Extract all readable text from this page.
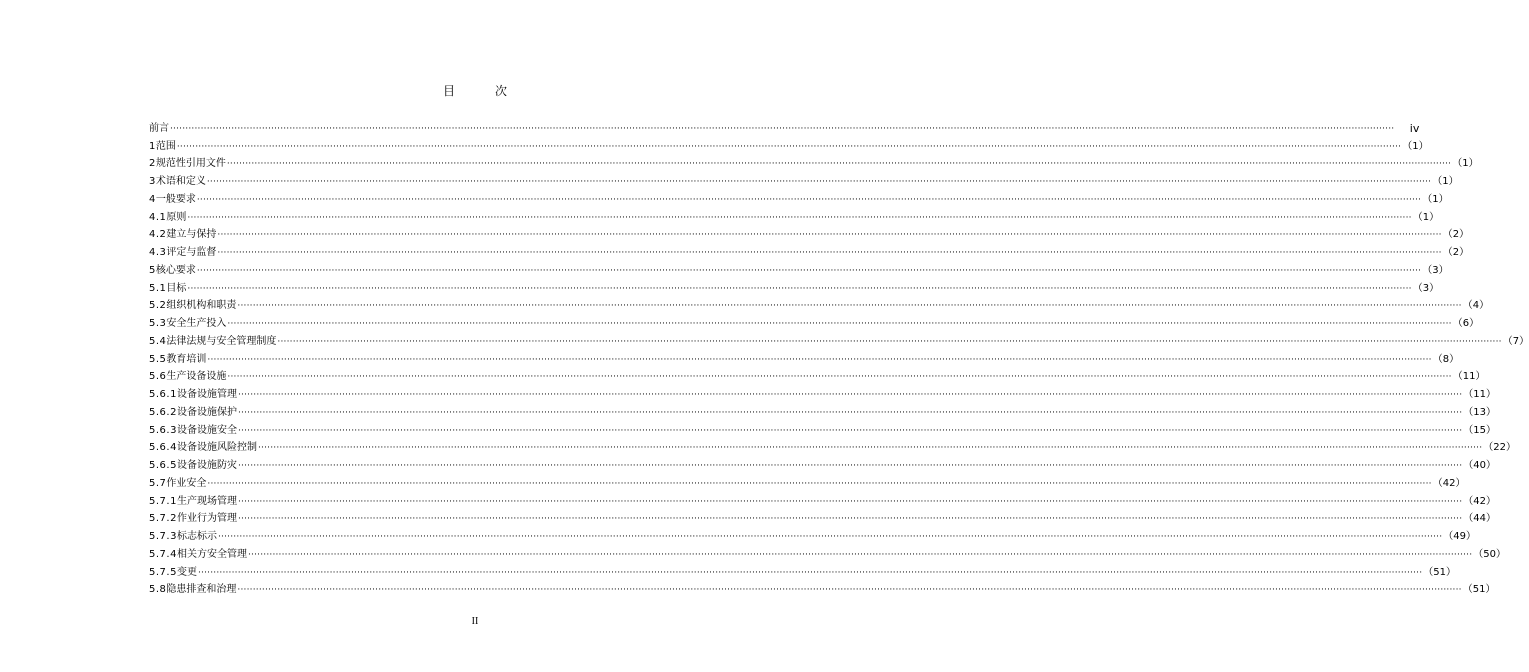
目	次
前言 ················································································································································································································································································································································································································	iv
1 范围 ················································································································································································································································································································································································································ （1）
2 规范性引用文件 ················································································································································································································································································································································································································ （1）
3 术语和定义 ················································································································································································································································································································································································································ （1）
4 一般要求 ················································································································································································································································································································································································································ （1）
4.1 原则 ················································································································································································································································································································································································································ （1）
4.2 建立与保持 ················································································································································································································································································································································································································ （2）
4.3 评定与监督 ················································································································································································································································································································································································································ （2）
5 核心要求 ················································································································································································································································································································································································································ （3）
5.1 目标 ················································································································································································································································································································································································································ （3）
5.2 组织机构和职责 ················································································································································································································································································································································································································ （4）
5.3 安全生产投入 ················································································································································································································································································································································································································ （6）
5.4 法律法规与安全管理制度 ················································································································································································································································································································································································································ （7）
5.5 教育培训 ················································································································································································································································································································································································································ （8）
5.6 生产设备设施 ················································································································································································································································································································································································································ （11）
5.6.1 设备设施管理 ················································································································································································································································································································································································································ （11）
5.6.2 设备设施保护 ················································································································································································································································································································································································································ （13）
5.6.3 设备设施安全 ················································································································································································································································································································································································································ （15）
5.6.4 设备设施风险控制 ················································································································································································································································································································································································································ （22）
5.6.5 设备设施防灾 ················································································································································································································································································································································································································ （40）
5.7 作业安全 ················································································································································································································································································································································································································ （42）
5.7.1 生产现场管理 ················································································································································································································································································································································································································ （42）
5.7.2 作业行为管理 ················································································································································································································································································································································································································ （44）
5.7.3 标志标示 ················································································································································································································································································································································································································ （49）
5.7.4 相关方安全管理 ················································································································································································································································································································································································································ （50）
5.7.5 变更 ················································································································································································································································································································································································································ （51）
5.8 隐患排查和治理 ················································································································································································································································································································································································································ （51）
II
